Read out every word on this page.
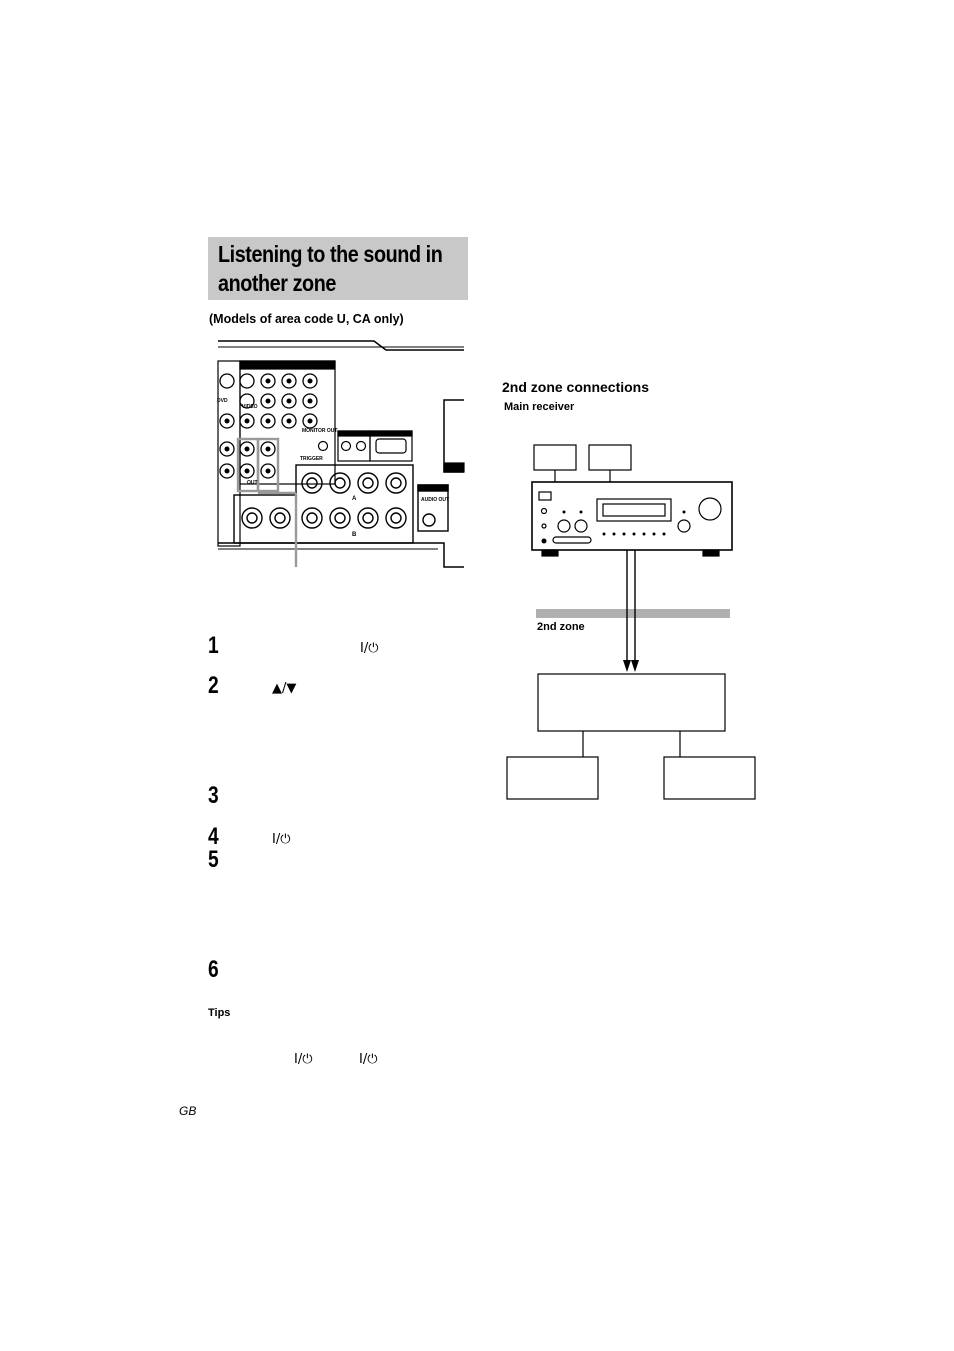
Listening to the sound in
another zone
(Models of area code U, CA only)
DVD
VIDEO
TRIGGER
OUT
MONITOR OUT
AUDIO OUT
A
B
1	I/⏻
2	▲/▼
3
4	I/⏻
5
6
Tips
I/⏻	I/⏻
GB
2nd zone connections
Main receiver
2nd zone
